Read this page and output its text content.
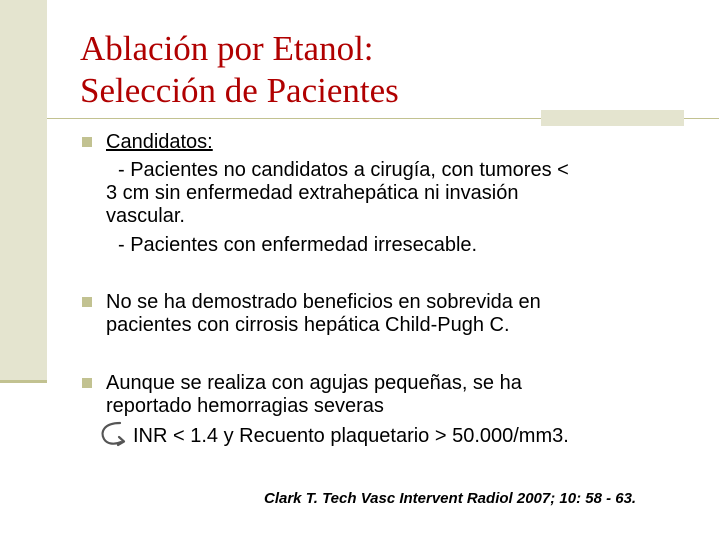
Ablación por Etanol:
Selección de Pacientes
Candidatos:
- Pacientes no candidatos a cirugía, con tumores <
3 cm sin enfermedad extrahepática ni invasión
vascular.
- Pacientes con enfermedad irresecable.
No se ha demostrado beneficios en sobrevida en
pacientes con cirrosis hepática Child-Pugh C.
Aunque se realiza con agujas pequeñas, se ha
reportado hemorragias severas
INR < 1.4 y Recuento plaquetario > 50.000/mm3.
Clark T. Tech Vasc Intervent Radiol 2007; 10: 58 - 63.
